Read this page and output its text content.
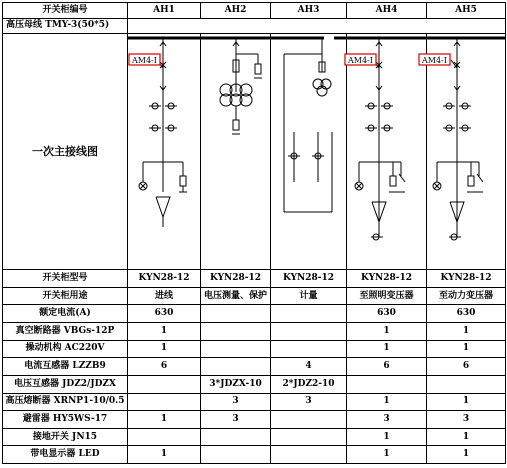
开关柜编号	AH1	AH2	AH3	AH4	AH5
高压母线 TMY-3(50*5)					
一次主接线图					
开关柜型号	KYN28-12	KYN28-12	KYN28-12	KYN28-12	KYN28-12
开关柜用途	进线	电压测量、保护	计量	至照明变压器	至动力变压器
额定电流(A)	630			630	630
真空断路器 VBGs-12P	1			1	1
操动机构 AC220V	1			1	1
电流互感器 LZZB9	6		4	6	6
电压互感器 JDZ2/JDZX		3*JDZX-10	2*JDZ2-10		
高压熔断器 XRNP1-10/0.5		3	3	1	1
避雷器 HY5WS-17	1	3		3	3
接地开关 JN15				1	1
带电显示器 LED	1			1	1
AM4-I	AM4-I	AM4-I
